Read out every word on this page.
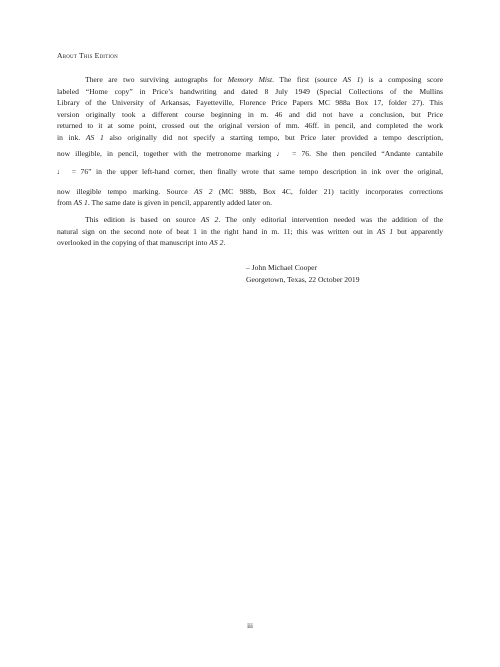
About This Edition
There are two surviving autographs for Memory Mist. The first (source AS 1) is a composing score
labeled “Home copy” in Price’s handwriting and dated 8 July 1949 (Special Collections of the Mullins
Library of the University of Arkansas, Fayetteville, Florence Price Papers MC 988a Box 17, folder 27). This
version originally took a different course beginning in m. 46 and did not have a conclusion, but Price
returned to it at some point, crossed out the original version of mm. 46ff. in pencil, and completed the work
in ink. AS 1 also originally did not specify a starting tempo, but Price later provided a tempo description,
now illegible, in pencil, together with the metronome marking ♩ = 76. She then penciled “Andante cantabile
♩ = 76” in the upper left-hand corner, then finally wrote that same tempo description in ink over the original,
now illegible tempo marking. Source AS 2 (MC 988b, Box 4C, folder 21) tacitly incorporates corrections
from AS 1. The same date is given in pencil, apparently added later on.
This edition is based on source AS 2. The only editorial intervention needed was the addition of the
natural sign on the second note of beat 1 in the right hand in m. 11; this was written out in AS 1 but apparently
overlooked in the copying of that manuscript into AS 2.
– John Michael Cooper
Georgetown, Texas, 22 October 2019
iii
